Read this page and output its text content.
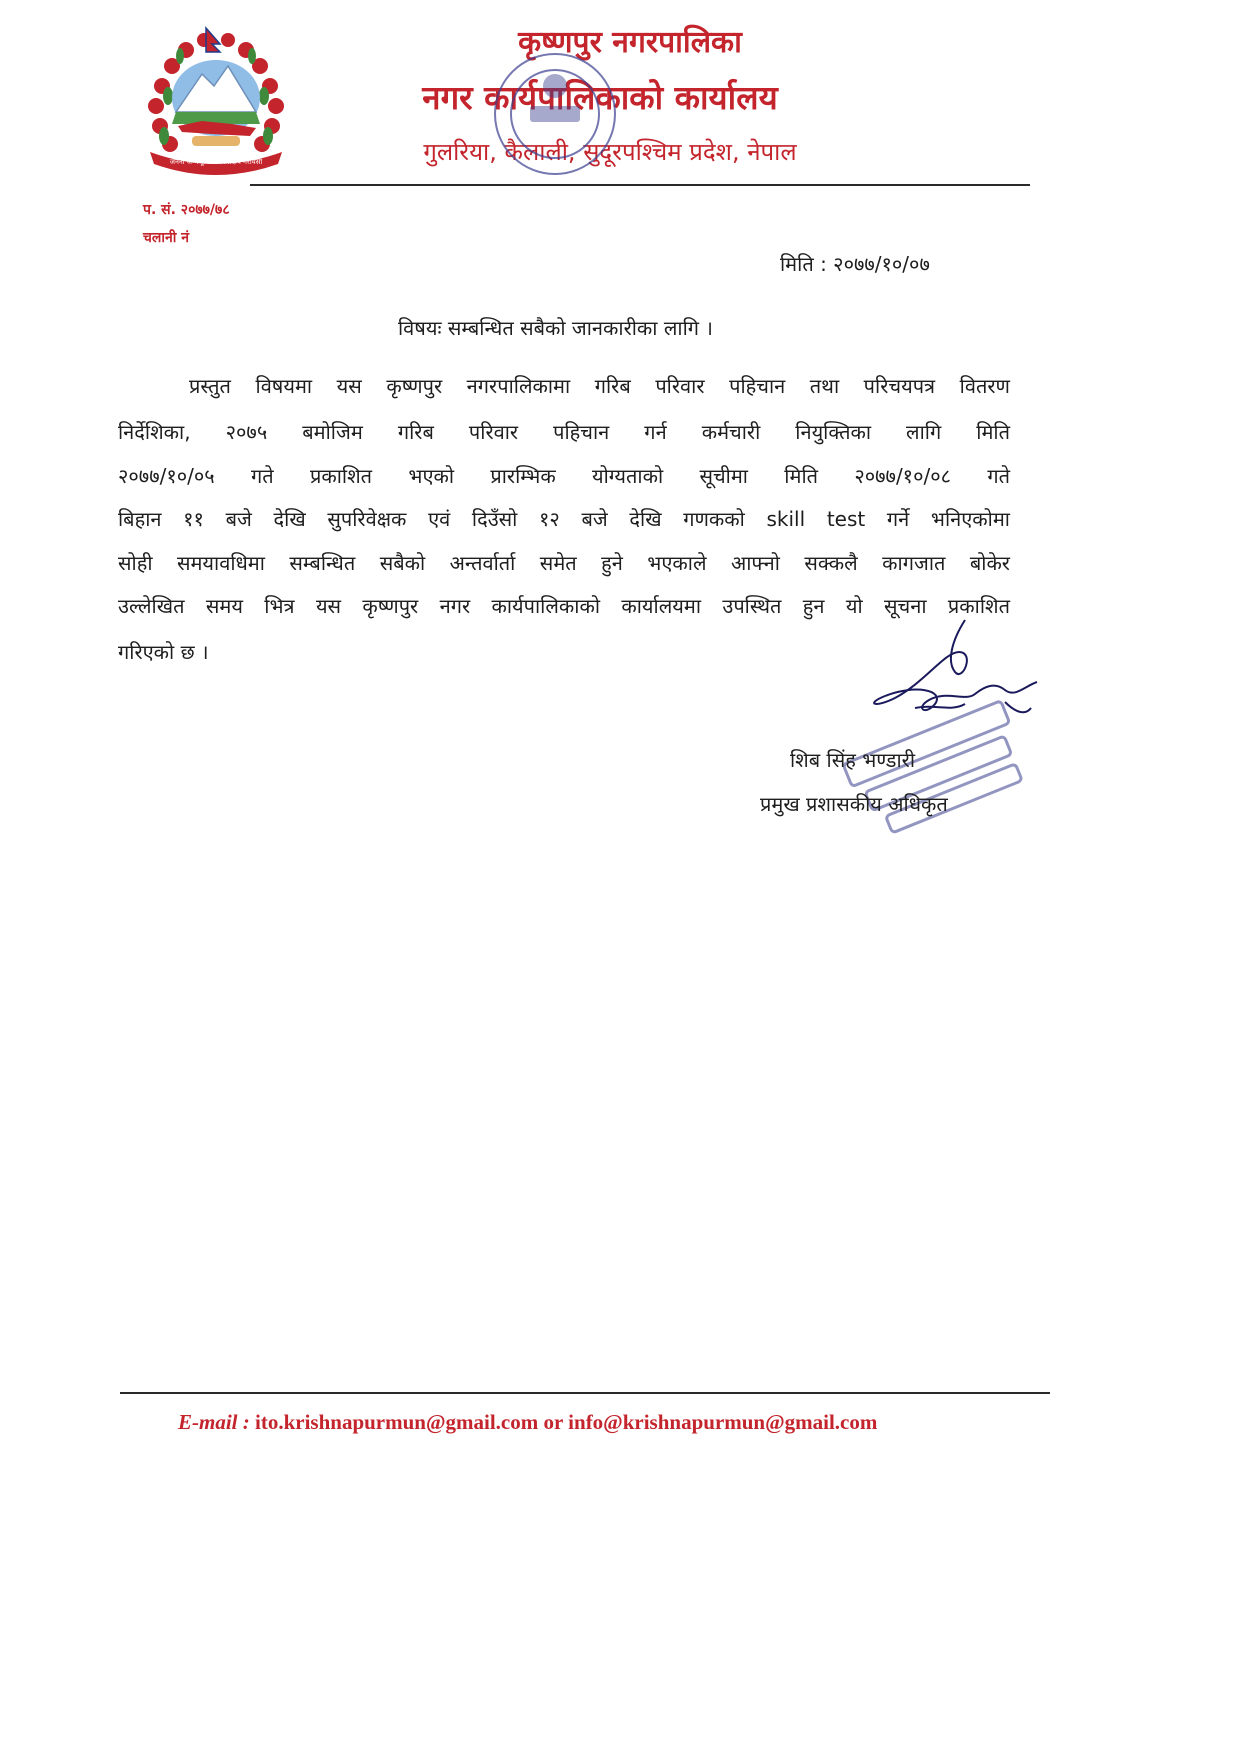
जननी जन्मभूमिश्च स्वर्गादपि गरीयसी
कृष्णपुर नगरपालिका
नगर कार्यपालिकाको कार्यालय
गुलरिया, कैलाली, सुदूरपश्चिम प्रदेश, नेपाल
प. सं. २०७७/७८
चलानी नं
मिति : २०७७/१०/०७
विषयः सम्बन्धित सबैको जानकारीका लागि ।
प्रस्तुत विषयमा यस कृष्णपुर नगरपालिकामा गरिब परिवार पहिचान तथा परिचयपत्र वितरण
निर्देशिका, २०७५ बमोजिम गरिब परिवार पहिचान गर्न कर्मचारी नियुक्तिका लागि मिति
२०७७/१०/०५ गते प्रकाशित भएको प्रारम्भिक योग्यताको सूचीमा मिति २०७७/१०/०८ गते
बिहान ११ बजे देखि सुपरिवेक्षक एवं दिउँसो १२ बजे देखि गणकको skill test गर्ने भनिएकोमा
सोही समयावधिमा सम्बन्धित सबैको अन्तर्वार्ता समेत हुने भएकाले आफ्नो सक्कलै कागजात बोकेर
उल्लेखित समय भित्र यस कृष्णपुर नगर कार्यपालिकाको कार्यालयमा उपस्थित हुन यो सूचना प्रकाशित
गरिएको छ ।
शिब सिंह भण्डारी
प्रमुख प्रशासकीय अधिकृत
E-mail : ito.krishnapurmun@gmail.com or info@krishnapurmun@gmail.com
